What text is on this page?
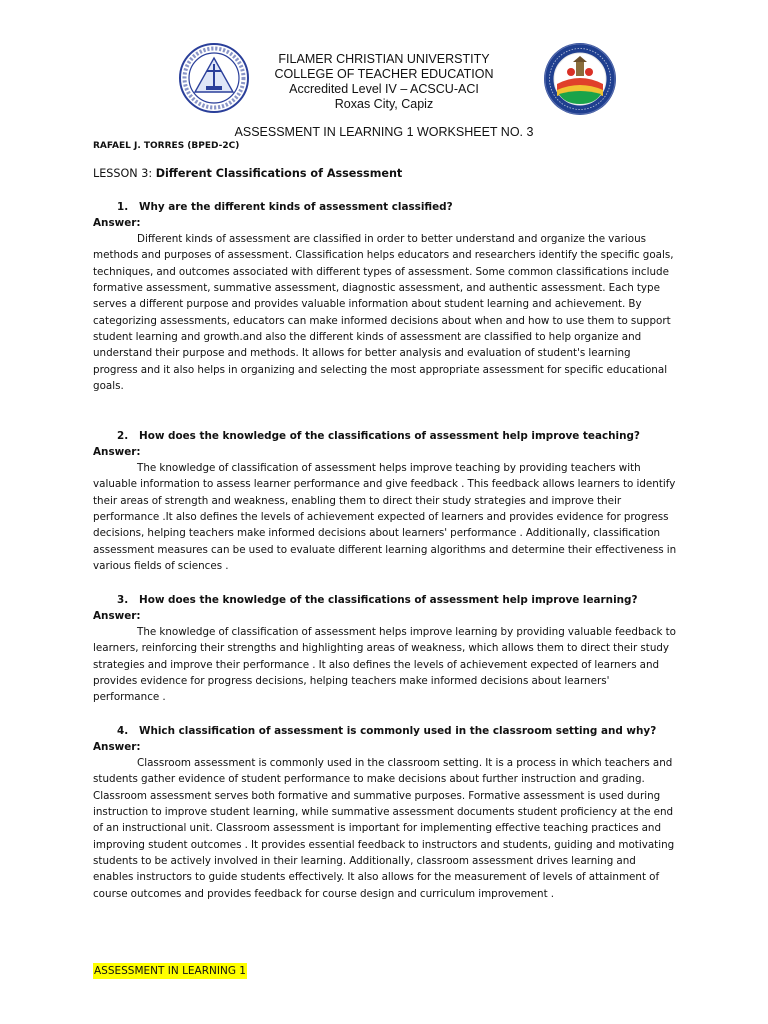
FILAMER CHRISTIAN UNIVERSTITY
COLLEGE OF TEACHER EDUCATION
Accredited Level IV – ACSCU-ACI
Roxas City, Capiz
ASSESSMENT IN LEARNING 1 WORKSHEET NO. 3
RAFAEL J. TORRES (BPED-2C)
LESSON 3: Different Classifications of Assessment
1. Why are the different kinds of assessment classified?
Answer:

Different kinds of assessment are classified in order to better understand and organize the various methods and purposes of assessment. Classification helps educators and researchers identify the specific goals, techniques, and outcomes associated with different types of assessment. Some common classifications include formative assessment, summative assessment, diagnostic assessment, and authentic assessment. Each type serves a different purpose and provides valuable information about student learning and achievement. By categorizing assessments, educators can make informed decisions about when and how to use them to support student learning and growth.and also the different kinds of assessment are classified to help organize and understand their purpose and methods. It allows for better analysis and evaluation of student's learning progress and it also helps in organizing and selecting the most appropriate assessment for specific educational goals.

2. How does the knowledge of the classifications of assessment help improve teaching?
Answer:

The knowledge of classification of assessment helps improve teaching by providing teachers with valuable information to assess learner performance and give feedback . This feedback allows learners to identify their areas of strength and weakness, enabling them to direct their study strategies and improve their performance .It also defines the levels of achievement expected of learners and provides evidence for progress decisions, helping teachers make informed decisions about learners' performance . Additionally, classification assessment measures can be used to evaluate different learning algorithms and determine their effectiveness in various fields of sciences .

3. How does the knowledge of the classifications of assessment help improve learning?
Answer:

The knowledge of classification of assessment helps improve learning by providing valuable feedback to learners, reinforcing their strengths and highlighting areas of weakness, which allows them to direct their study strategies and improve their performance . It also defines the levels of achievement expected of learners and provides evidence for progress decisions, helping teachers make informed decisions about learners' performance .

4. Which classification of assessment is commonly used in the classroom setting and why?
Answer:

Classroom assessment is commonly used in the classroom setting. It is a process in which teachers and students gather evidence of student performance to make decisions about further instruction and grading. Classroom assessment serves both formative and summative purposes. Formative assessment is used during instruction to improve student learning, while summative assessment documents student proficiency at the end of an instructional unit. Classroom assessment is important for implementing effective teaching practices and improving student outcomes . It provides essential feedback to instructors and students, guiding and motivating students to be actively involved in their learning. Additionally, classroom assessment drives learning and enables instructors to guide students effectively. It also allows for the measurement of levels of attainment of course outcomes and provides feedback for course design and curriculum improvement .

ASSESSMENT IN LEARNING 1
